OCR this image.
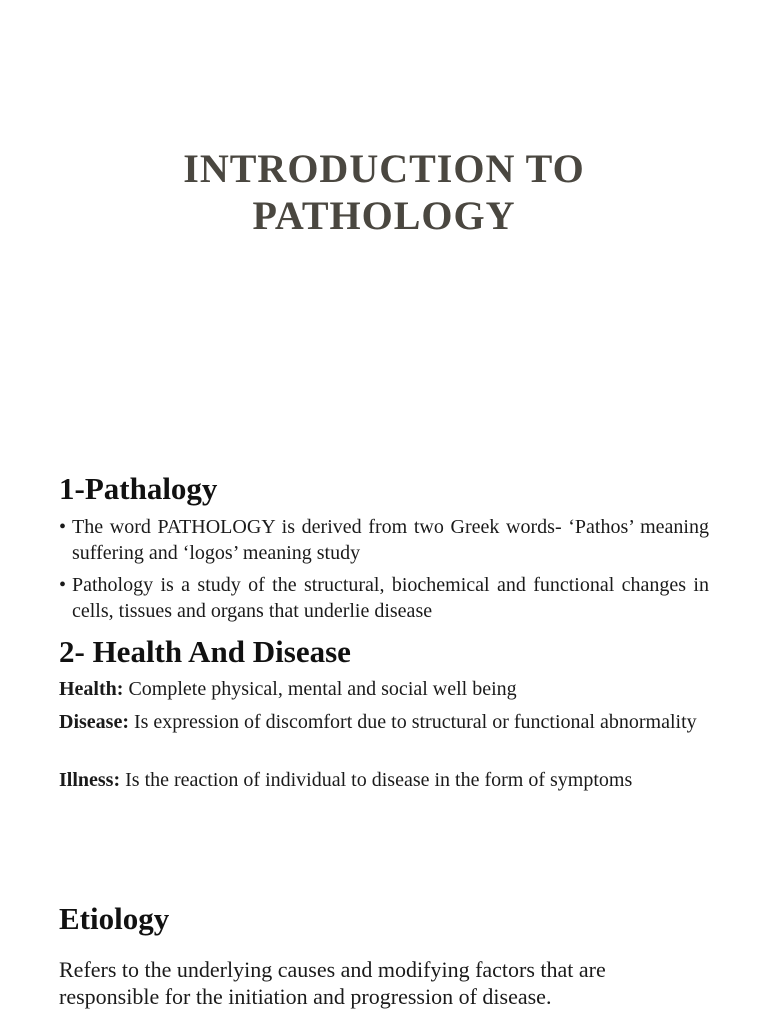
INTRODUCTION TO
PATHOLOGY
1-Pathalogy
• The word PATHOLOGY is derived from two Greek words- ‘Pathos’ meaning suffering and ‘logos’ meaning study
• Pathology is a study of the structural, biochemical and functional changes in cells, tissues and organs that underlie disease
2- Health And Disease
Health: Complete physical, mental and social well being
Disease: Is expression of discomfort due to structural or functional abnormality
Illness: Is the reaction of individual to disease in the form of symptoms
Etiology
Refers to the underlying causes and modifying factors that are responsible for the initiation and progression of disease.
